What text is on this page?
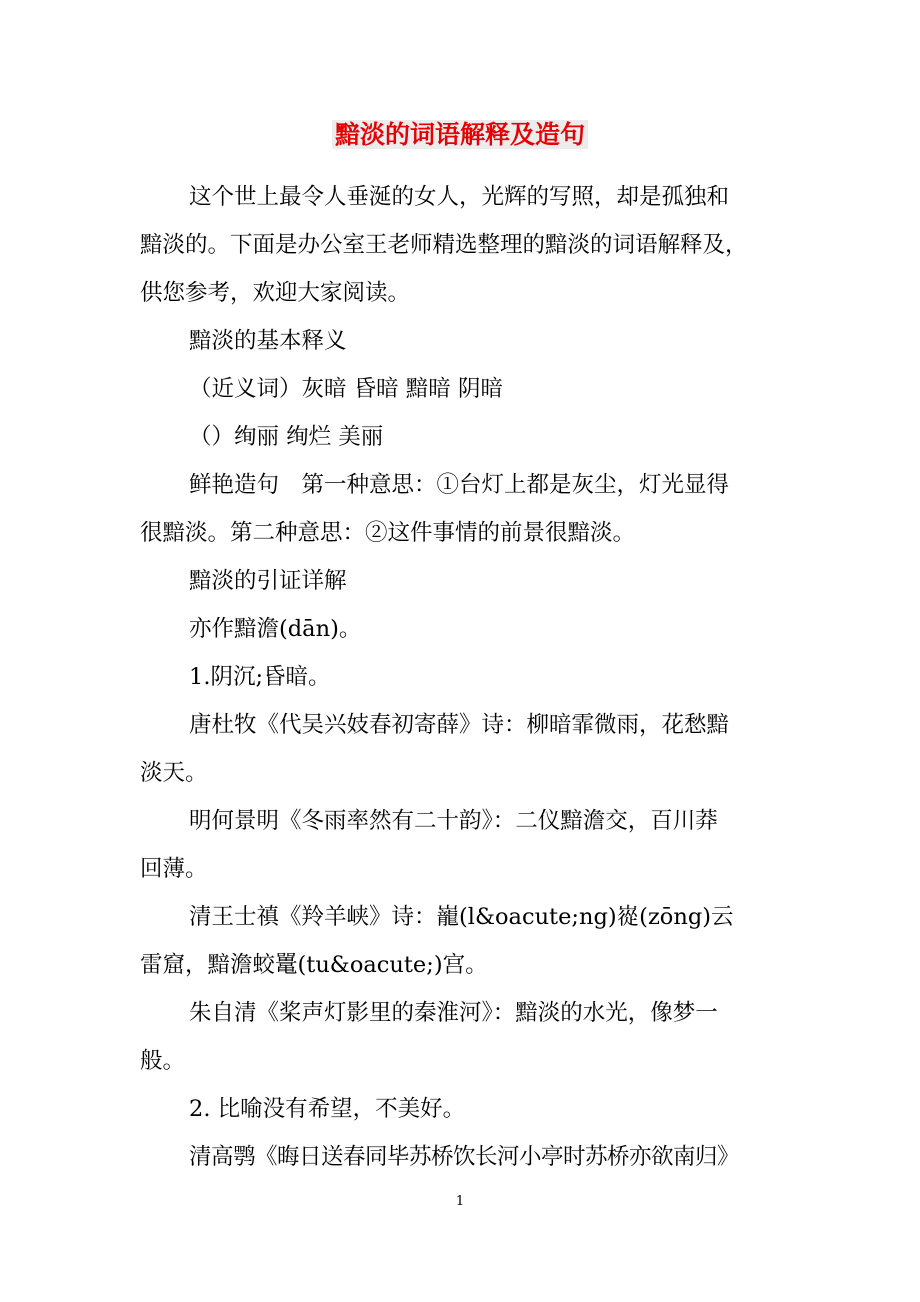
黯淡的词语解释及造句
这个世上最令人垂涎的女人，光辉的写照，却是孤独和
黯淡的。下面是办公室王老师精选整理的黯淡的词语解释及，
供您参考，欢迎大家阅读。
黯淡的基本释义
（近义词）灰暗 昏暗 黯暗 阴暗
（）绚丽 绚烂 美丽
鲜艳造句　第一种意思：①台灯上都是灰尘，灯光显得
很黯淡。第二种意思：②这件事情的前景很黯淡。
黯淡的引证详解
亦作黯澹(dān)。
1.阴沉;昏暗。
唐杜牧《代吴兴妓春初寄薛》诗：柳暗霏微雨，花愁黯
淡天。
明何景明《冬雨率然有二十韵》：二仪黯澹交，百川莽
回薄。
清王士禛《羚羊峡》诗：巃(l&oacute;ng)嵸(zōng)云
雷窟，黯澹蛟鼍(tu&oacute;)宫。
朱自清《桨声灯影里的秦淮河》：黯淡的水光，像梦一
般。
2. 比喻没有希望，不美好。
清高鹗《晦日送春同毕苏桥饮长河小亭时苏桥亦欲南归》
1
